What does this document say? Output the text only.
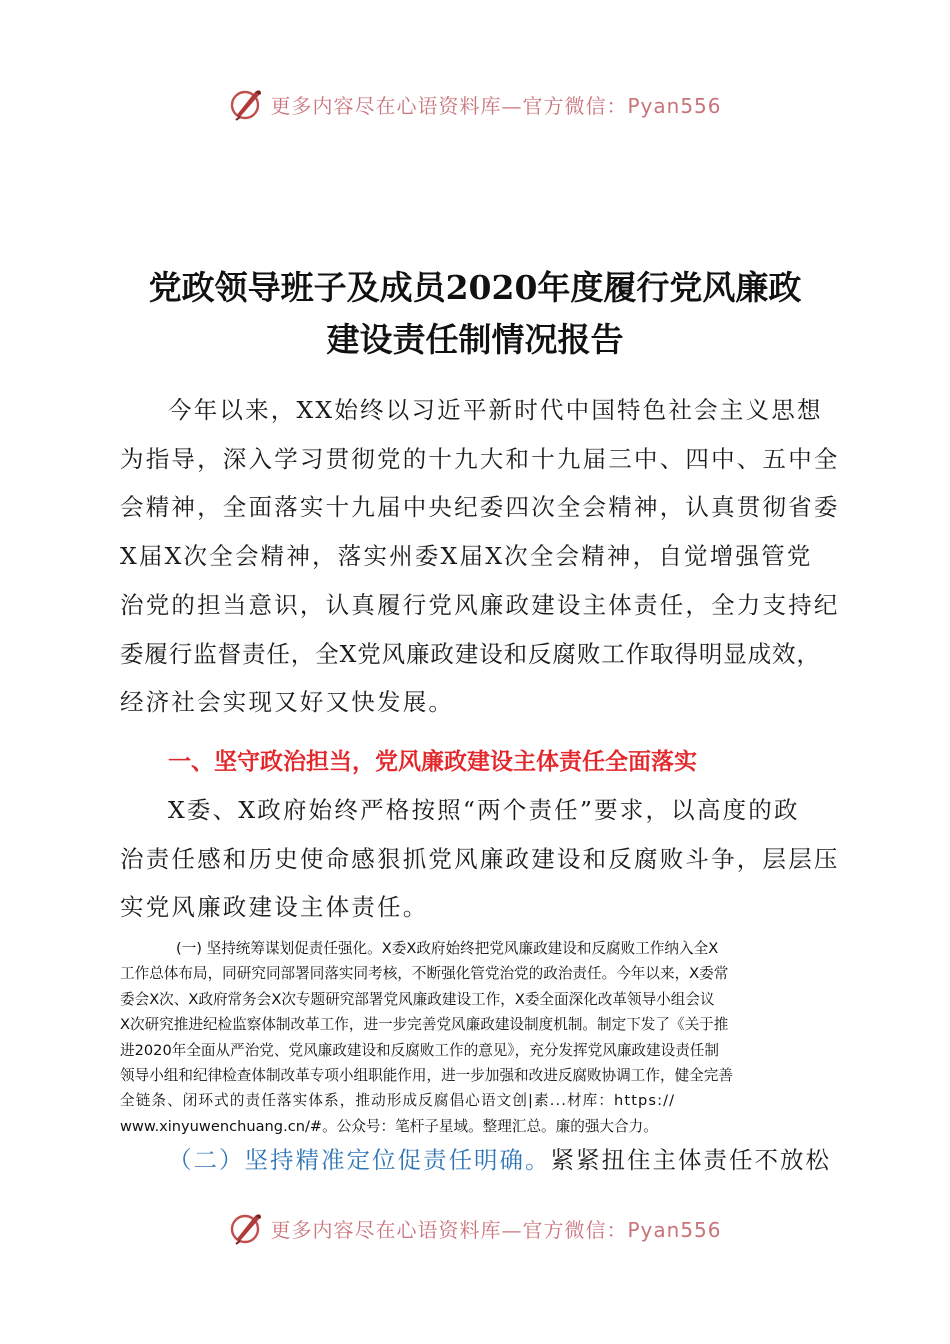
更多内容尽在心语资料库—官方微信：Pyan556
党政领导班子及成员2020年度履行党风廉政
建设责任制情况报告
今年以来，XX始终以习近平新时代中国特色社会主义思想
为指导，深入学习贯彻党的十九大和十九届三中、四中、五中全
会精神，全面落实十九届中央纪委四次全会精神，认真贯彻省委
X届X次全会精神，落实州委X届X次全会精神，自觉增强管党
治党的担当意识，认真履行党风廉政建设主体责任，全力支持纪
委履行监督责任，全X党风廉政建设和反腐败工作取得明显成效，
经济社会实现又好又快发展。
一、坚守政治担当，党风廉政建设主体责任全面落实
X委、X政府始终严格按照“两个责任”要求，以高度的政
治责任感和历史使命感狠抓党风廉政建设和反腐败斗争，层层压
实党风廉政建设主体责任。
(一) 坚持统筹谋划促责任强化。X委X政府始终把党风廉政建设和反腐败工作纳入全X
工作总体布局，同研究同部署同落实同考核，不断强化管党治党的政治责任。今年以来，X委常
委会X次、X政府常务会X次专题研究部署党风廉政建设工作，X委全面深化改革领导小组会议
X次研究推进纪检监察体制改革工作，进一步完善党风廉政建设制度机制。制定下发了《关于推
进2020年全面从严治党、党风廉政建设和反腐败工作的意见》，充分发挥党风廉政建设责任制
领导小组和纪律检查体制改革专项小组职能作用，进一步加强和改进反腐败协调工作，健全完善
全链条、闭环式的责任落实体系，推动形成反腐倡心语文创|素...材库：https://
www.xinyuwenchuang.cn/#。公众号：笔杆子星域。整理汇总。廉的强大合力。
（二）坚持精准定位促责任明确。紧紧扭住主体责任不放松
更多内容尽在心语资料库—官方微信：Pyan556
